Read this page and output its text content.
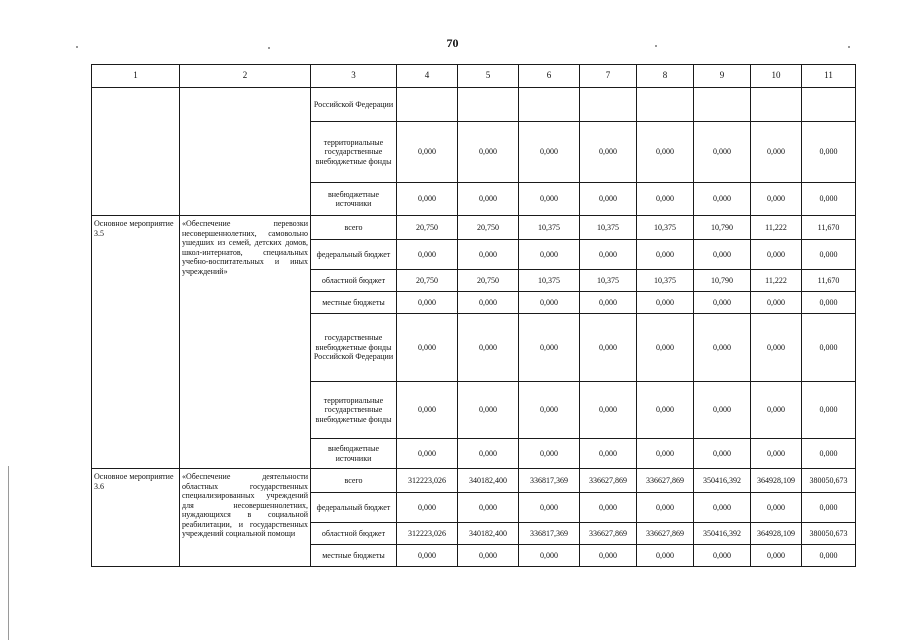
70
1	2	3	4	5	6	7	8	9	10	11
		Российской Федерации								
		территориальные государственные внебюджетные фонды	0,000	0,000	0,000	0,000	0,000	0,000	0,000	0,000
		внебюджетные источники	0,000	0,000	0,000	0,000	0,000	0,000	0,000	0,000
Основное мероприятие 3.5	«Обеспечение перевозки несовершеннолетних, самовольно ушедших из семей, детских домов, школ-интернатов, специальных учебно-воспитательных и иных учреждений»	всего	20,750	20,750	10,375	10,375	10,375	10,790	11,222	11,670
		федеральный бюджет	0,000	0,000	0,000	0,000	0,000	0,000	0,000	0,000
		областной бюджет	20,750	20,750	10,375	10,375	10,375	10,790	11,222	11,670
		местные бюджеты	0,000	0,000	0,000	0,000	0,000	0,000	0,000	0,000
		государственные внебюджетные фонды Российской Федерации	0,000	0,000	0,000	0,000	0,000	0,000	0,000	0,000
		территориальные государственные внебюджетные фонды	0,000	0,000	0,000	0,000	0,000	0,000	0,000	0,000
		внебюджетные источники	0,000	0,000	0,000	0,000	0,000	0,000	0,000	0,000
Основное мероприятие 3.6	«Обеспечение деятельности областных государственных специализированных учреждений для несовершеннолетних, нуждающихся в социальной реабилитации, и государственных учреждений социальной помощи	всего	312223,026	340182,400	336817,369	336627,869	336627,869	350416,392	364928,109	380050,673
		федеральный бюджет	0,000	0,000	0,000	0,000	0,000	0,000	0,000	0,000
		областной бюджет	312223,026	340182,400	336817,369	336627,869	336627,869	350416,392	364928,109	380050,673
		местные бюджеты	0,000	0,000	0,000	0,000	0,000	0,000	0,000	0,000
